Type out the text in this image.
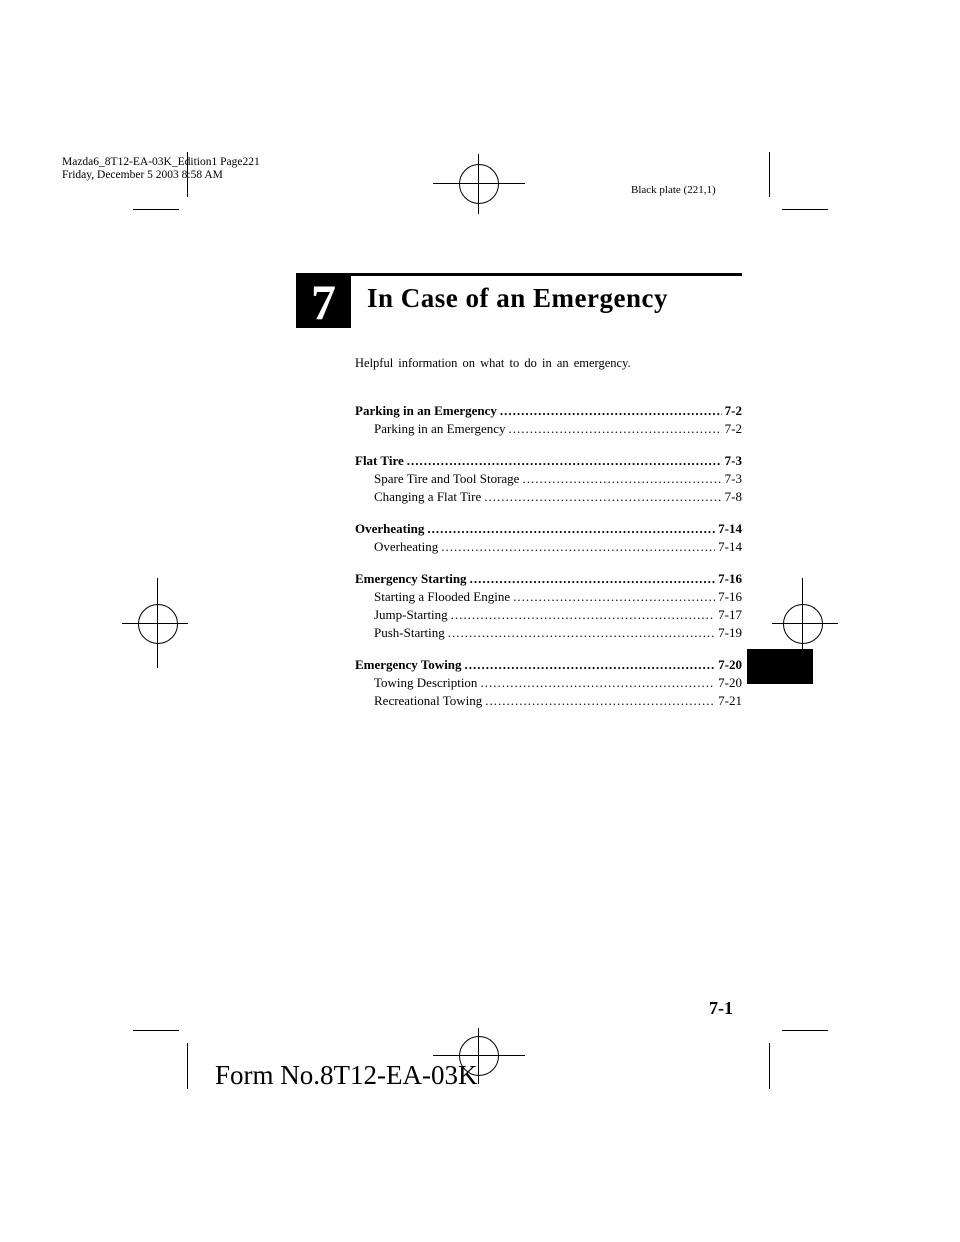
Mazda6_8T12-EA-03K_Edition1 Page221
Friday, December 5 2003 8:58 AM
Black plate (221,1)
7	In Case of an Emergency
Helpful information on what to do in an emergency.
Parking in an Emergency .....	7-2
Parking in an Emergency .....	7-2
Flat Tire .....	7-3
Spare Tire and Tool Storage .....	7-3
Changing a Flat Tire .....	7-8
Overheating .....	7-14
Overheating .....	7-14
Emergency Starting .....	7-16
Starting a Flooded Engine .....	7-16
Jump-Starting .....	7-17
Push-Starting .....	7-19
Emergency Towing .....	7-20
Towing Description .....	7-20
Recreational Towing .....	7-21
7-1
Form No.8T12-EA-03K
